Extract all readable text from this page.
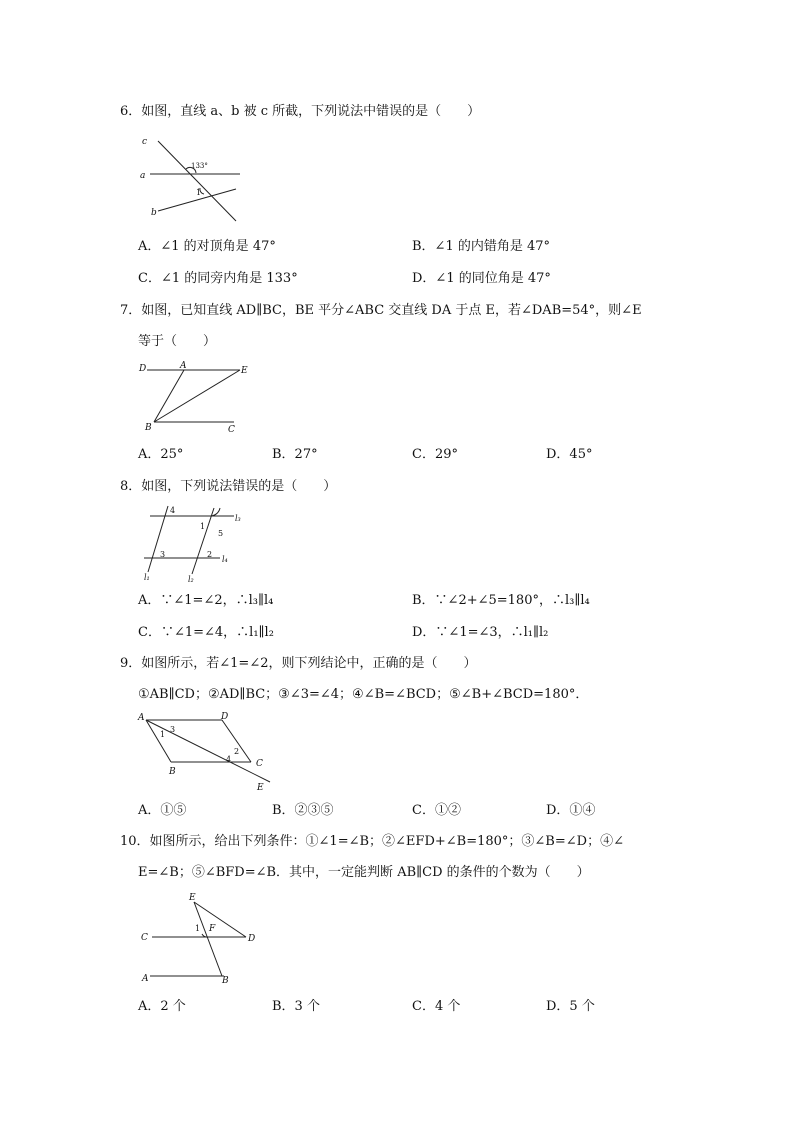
6．如图，直线 a、b 被 c 所截，下列说法中错误的是（　　）
c
a
b
133°
1
A．∠1 的对顶角是 47°	B．∠1 的内错角是 47°
C．∠1 的同旁内角是 133°	D．∠1 的同位角是 47°
7．如图，已知直线 AD∥BC，BE 平分∠ABC 交直线 DA 于点 E，若∠DAB=54°，则∠E
等于（　　）
D	A	E
B	C
A．25°	B．27°	C．29°	D．45°
8．如图，下列说法错误的是（　　）
4
1
5
l₃
3	2
l₄
l₁	l₂
A．∵∠1=∠2，∴l₃∥l₄	B．∵∠2+∠5=180°，∴l₃∥l₄
C．∵∠1=∠4，∴l₁∥l₂	D．∵∠1=∠3，∴l₁∥l₂
9．如图所示，若∠1=∠2，则下列结论中，正确的是（　　）
①AB∥CD；②AD∥BC；③∠3=∠4；④∠B=∠BCD；⑤∠B+∠BCD=180°．
A	D
3
1
2
4	C
B
E
A．①⑤	B．②③⑤	C．①②	D．①④
10．如图所示，给出下列条件：①∠1=∠B；②∠EFD+∠B=180°；③∠B=∠D；④∠
E=∠B；⑤∠BFD=∠B．其中，一定能判断 AB∥CD 的条件的个数为（　　）
E
C
1 F
D
A	B
A．2 个	B．3 个	C．4 个	D．5 个
